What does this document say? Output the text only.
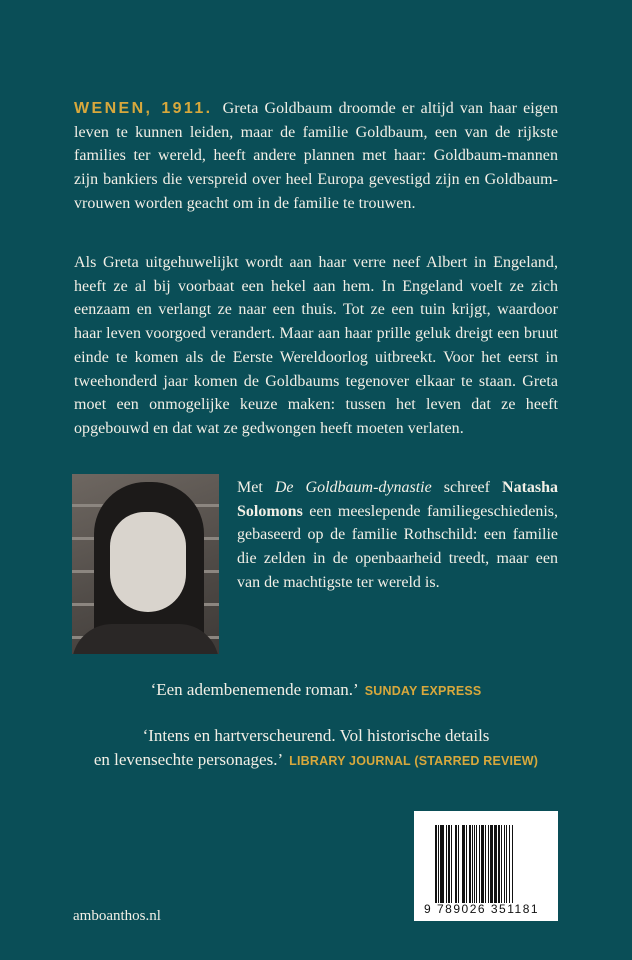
WENEN, 1911. Greta Goldbaum droomde er altijd van haar eigen leven te kunnen leiden, maar de familie Goldbaum, een van de rijkste families ter wereld, heeft andere plannen met haar: Goldbaum-mannen zijn bankiers die verspreid over heel Europa gevestigd zijn en Goldbaum-vrouwen worden geacht om in de familie te trouwen.

Als Greta uitgehuwelijkt wordt aan haar verre neef Albert in Engeland, heeft ze al bij voorbaat een hekel aan hem. In Engeland voelt ze zich eenzaam en verlangt ze naar een thuis. Tot ze een tuin krijgt, waardoor haar leven voorgoed verandert. Maar aan haar prille geluk dreigt een bruut einde te komen als de Eerste Wereldoorlog uitbreekt. Voor het eerst in tweehonderd jaar komen de Goldbaums tegenover elkaar te staan. Greta moet een onmogelijke keuze maken: tussen het leven dat ze heeft opgebouwd en dat wat ze gedwongen heeft moeten verlaten.

Met De Goldbaum-dynastie schreef Natasha Solomons een meeslepende familiegeschiedenis, gebaseerd op de familie Rothschild: een familie die zelden in de openbaarheid treedt, maar een van de machtigste ter wereld is.

‘Een adembenemende roman.’ SUNDAY EXPRESS

‘Intens en hartverscheurend. Vol historische details
en levensechte personages.’ LIBRARY JOURNAL (STARRED REVIEW)

9 789026 351181
amboanthos.nl
